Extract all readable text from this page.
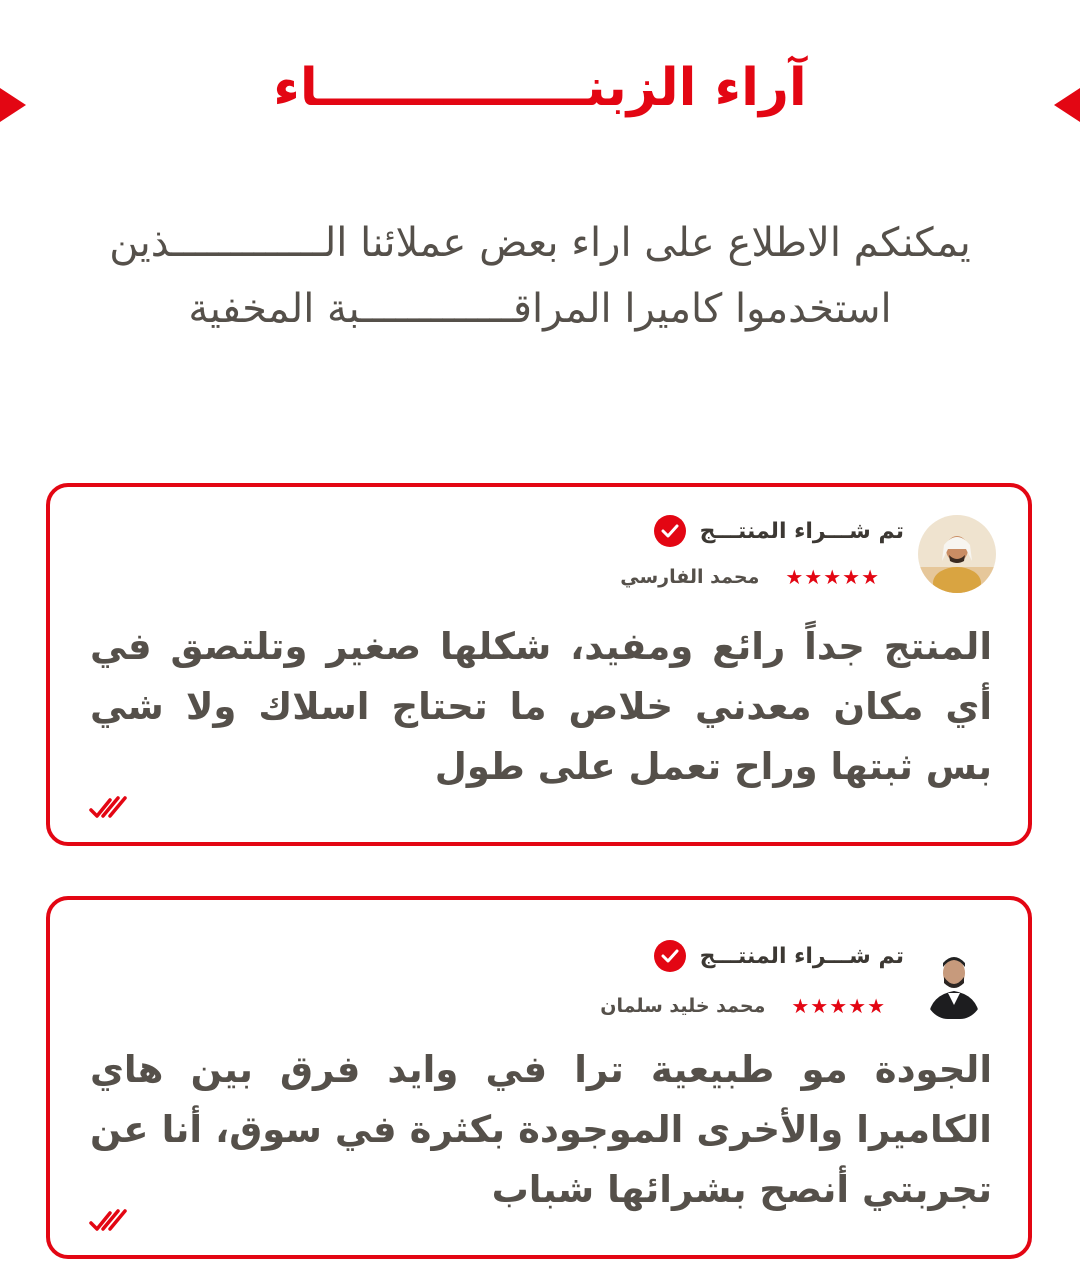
آراء الزبنـــــــــــــــاء

يمكنكم الاطلاع على اراء بعض عملائنا الـــــــــــــذين استخدموا كاميرا المراقـــــــــــــبة المخفية

تم شـــراء المنتـــج
محمد الفارسي ★★★★★

المنتج جداً رائع ومفيد، شكلها صغير وتلتصق في أي مكان معدني خلاص ما تحتاج اسلاك ولا شي بس ثبتها وراح تعمل على طول

تم شـــراء المنتـــج
محمد خليد سلمان ★★★★★

الجودة مو طبيعية ترا في وايد فرق بين هاي الكاميرا والأخرى الموجودة بكثرة في سوق، أنا عن تجربتي أنصح بشرائها شباب
